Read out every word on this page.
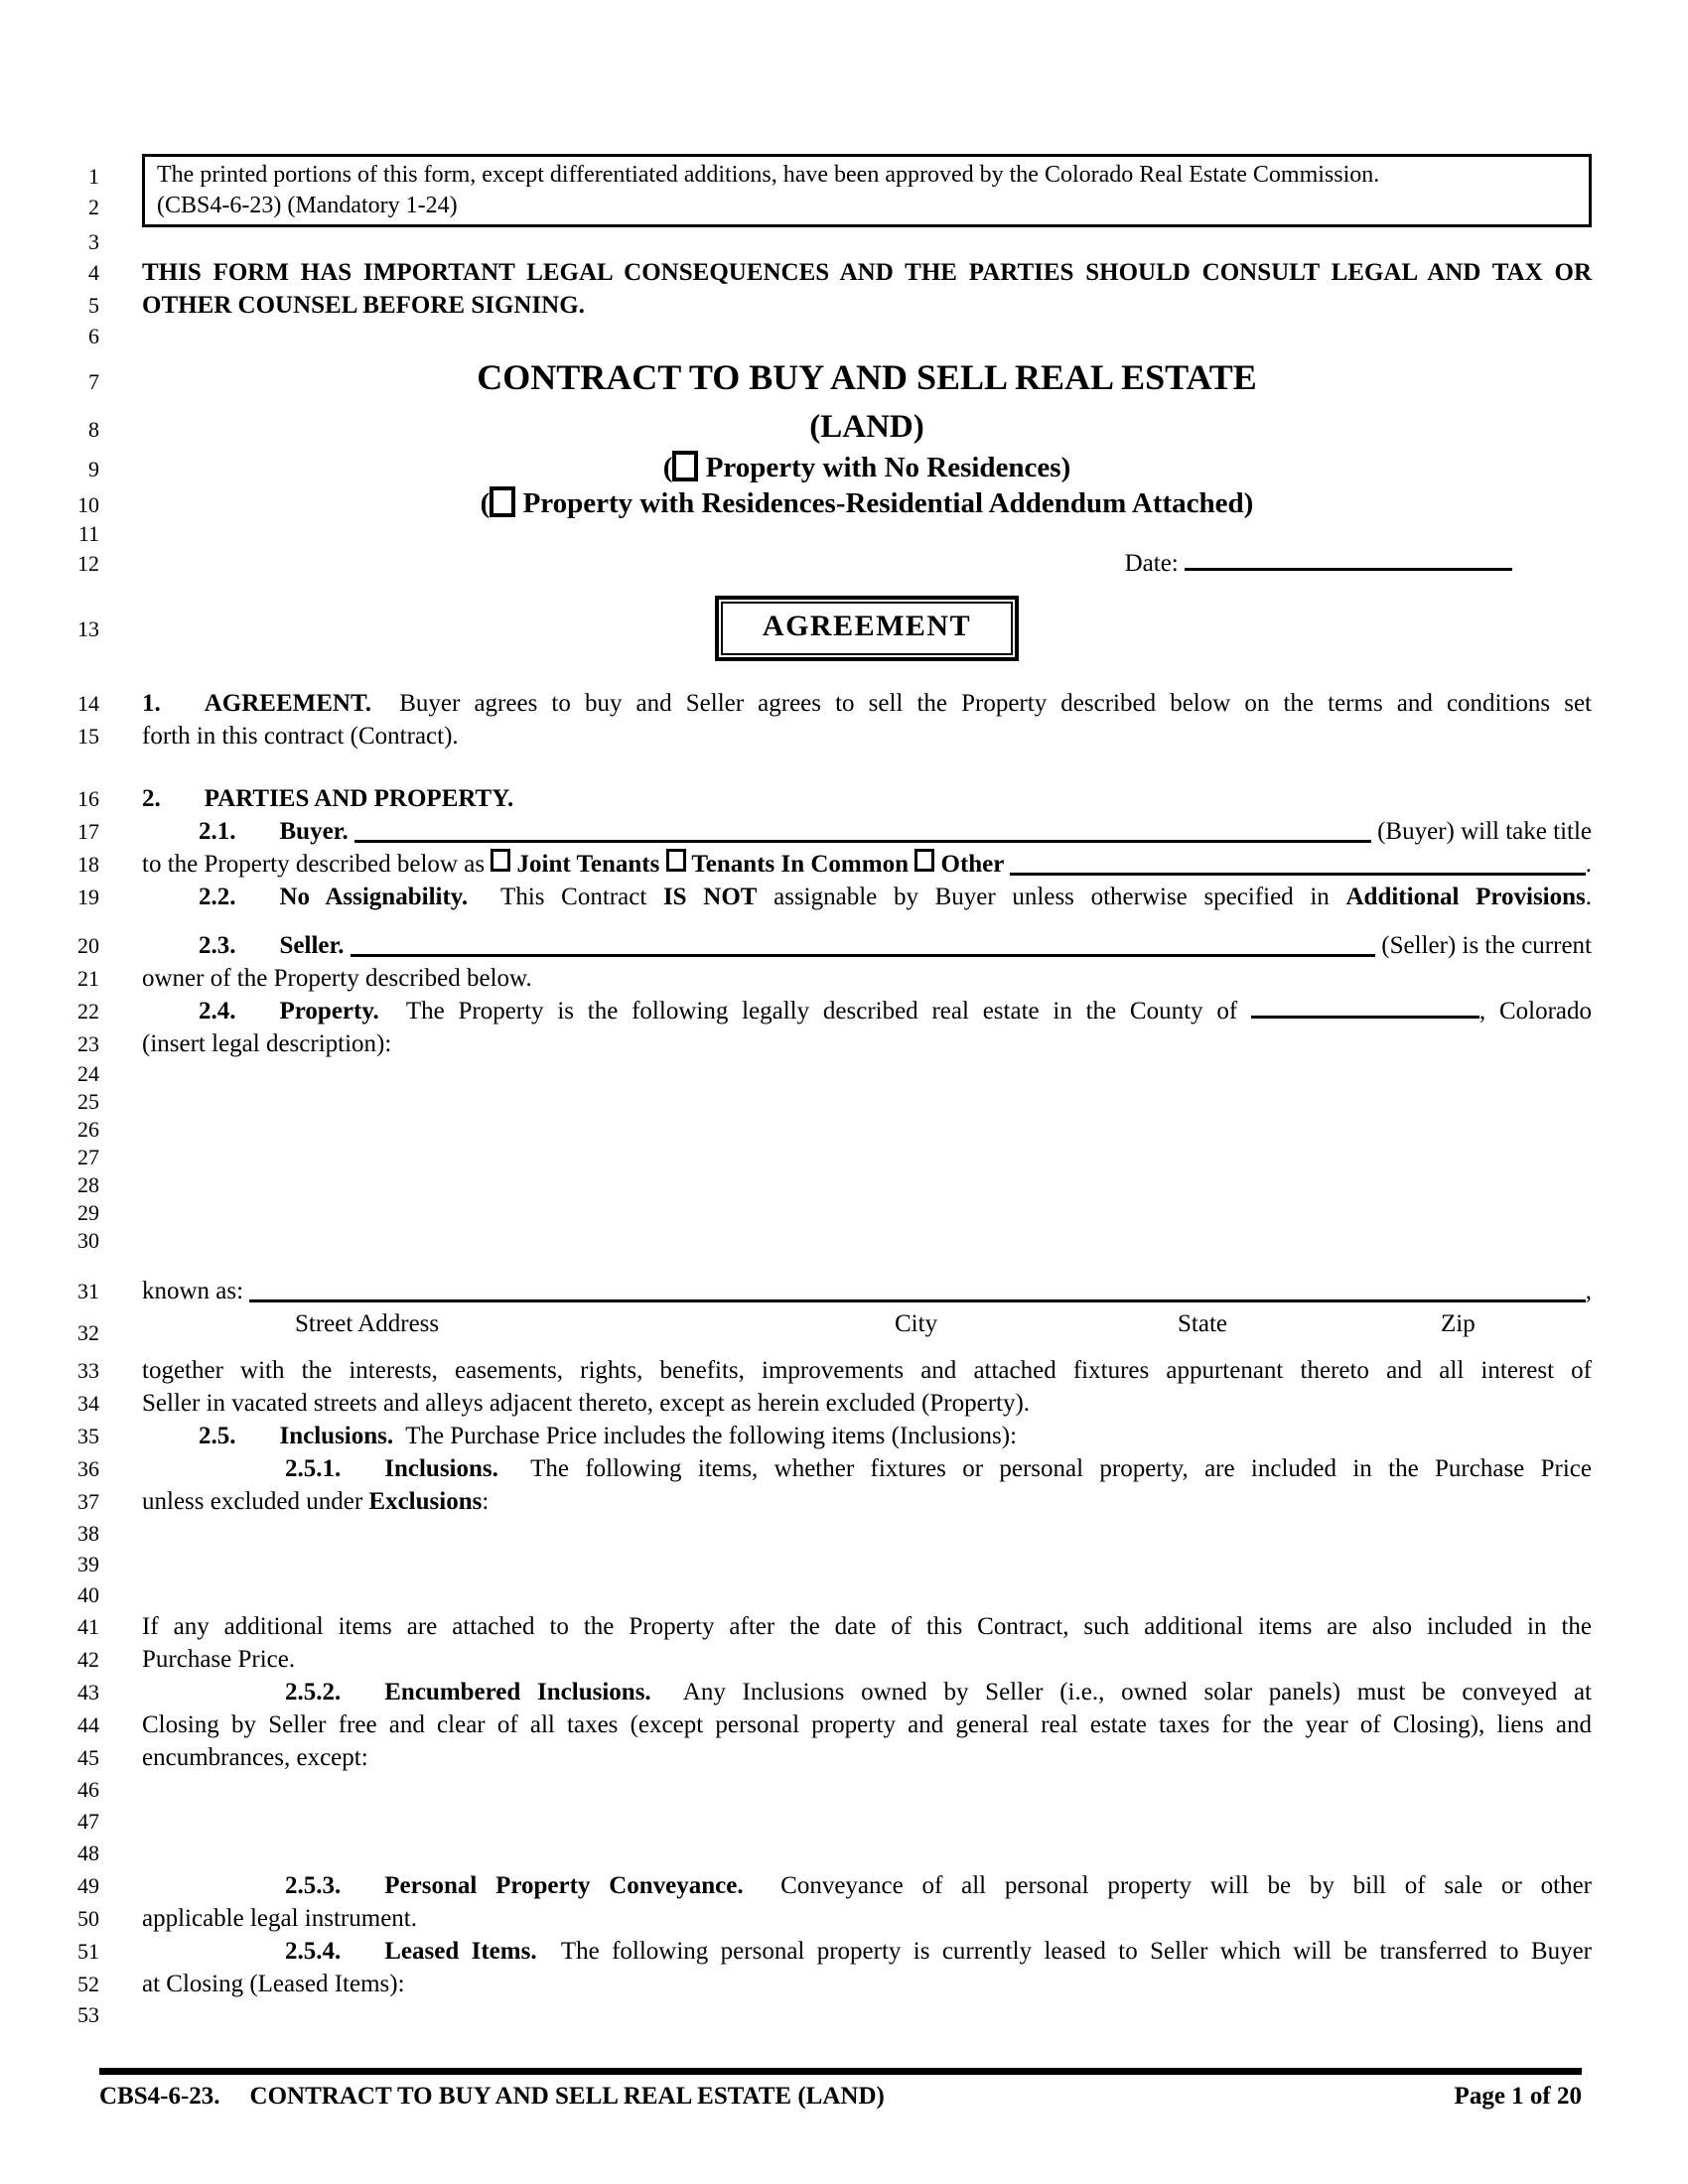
1
2
The printed portions of this form, except differentiated additions, have been approved by the Colorado Real Estate Commission.
(CBS4-6-23) (Mandatory 1-24)
3
4 THIS FORM HAS IMPORTANT LEGAL CONSEQUENCES AND THE PARTIES SHOULD CONSULT LEGAL AND TAX OR
5 OTHER COUNSEL BEFORE SIGNING.
6
7	CONTRACT TO BUY AND SELL REAL ESTATE
8	(LAND)
9	( Property with No Residences)
10	( Property with Residences-Residential Addendum Attached)
11
12	Date:
13	AGREEMENT
14 1. AGREEMENT.  Buyer agrees to buy and Seller agrees to sell the Property described below on the terms and conditions set
15 forth in this contract (Contract).
16 2. PARTIES AND PROPERTY.
17	2.1. Buyer.	(Buyer) will take title
18 to the Property described below as Joint Tenants Tenants In Common Other	.
19	2.2. No Assignability.  This Contract IS NOT assignable by Buyer unless otherwise specified in Additional Provisions.
20	2.3. Seller.	(Seller) is the current
21 owner of the Property described below.
22	2.4. Property.  The Property is the following legally described real estate in the County of	, Colorado
23 (insert legal description):
24
25
26
27
28
29
30
31 known as:	,
32	Street Address	City	State	Zip
33 together with the interests, easements, rights, benefits, improvements and attached fixtures appurtenant thereto and all interest of
34 Seller in vacated streets and alleys adjacent thereto, except as herein excluded (Property).
35	2.5. Inclusions.  The Purchase Price includes the following items (Inclusions):
36	2.5.1. Inclusions.  The following items, whether fixtures or personal property, are included in the Purchase Price
37 unless excluded under Exclusions:
38
39
40
41 If any additional items are attached to the Property after the date of this Contract, such additional items are also included in the
42 Purchase Price.
43	2.5.2. Encumbered Inclusions.  Any Inclusions owned by Seller (i.e., owned solar panels) must be conveyed at
44 Closing by Seller free and clear of all taxes (except personal property and general real estate taxes for the year of Closing), liens and
45 encumbrances, except:
46
47
48
49	2.5.3. Personal Property Conveyance.  Conveyance of all personal property will be by bill of sale or other
50 applicable legal instrument.
51	2.5.4. Leased Items.  The following personal property is currently leased to Seller which will be transferred to Buyer
52 at Closing (Leased Items):
53
CBS4-6-23. CONTRACT TO BUY AND SELL REAL ESTATE (LAND)	Page 1 of 20
